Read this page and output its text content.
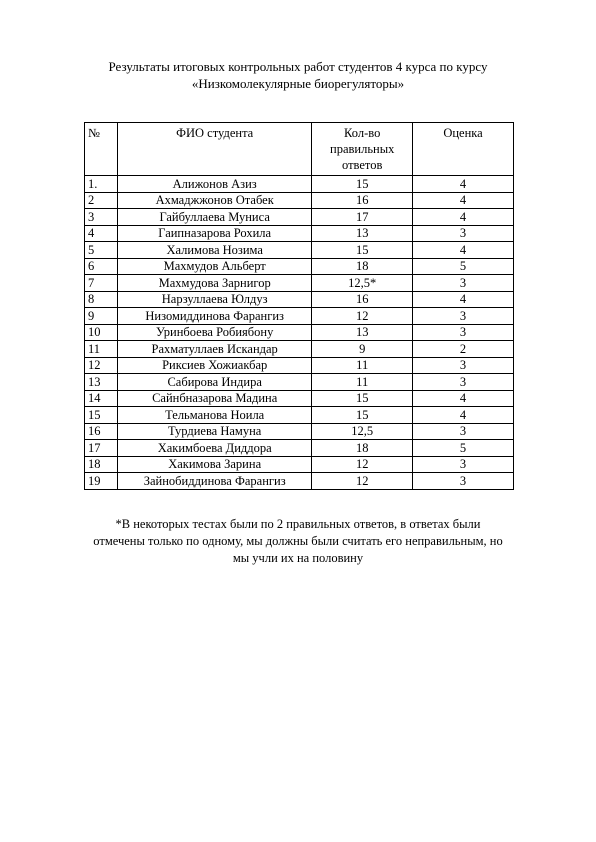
Результаты итоговых контрольных работ студентов 4 курса по курсу
«Низкомолекулярные биорегуляторы»
№	ФИО студента	Кол-во правильных ответов	Оценка
1.	Алижонов Азиз	15	4
2	Ахмаджжонов Отабек	16	4
3	Гайбуллаева Муниса	17	4
4	Гаипназарова Рохила	13	3
5	Халимова Нозима	15	4
6	Махмудов Альберт	18	5
7	Махмудова Зарнигор	12,5*	3
8	Нарзуллаева Юлдуз	16	4
9	Низомиддинова Фарангиз	12	3
10	Уринбоева Робиябону	13	3
11	Рахматуллаев Искандар	9	2
12	Риксиев Хожиакбар	11	3
13	Сабирова Индира	11	3
14	Сайнбназарова Мадина	15	4
15	Тельманова Ноила	15	4
16	Турдиева Намуна	12,5	3
17	Хакимбоева Диддора	18	5
18	Хакимова Зарина	12	3
19	Зайнобиддинова Фарангиз	12	3
*В некоторых тестах были по 2 правильных ответов, в ответах были
отмечены только по одному, мы должны были считать его неправильным, но
мы учли их на половину
